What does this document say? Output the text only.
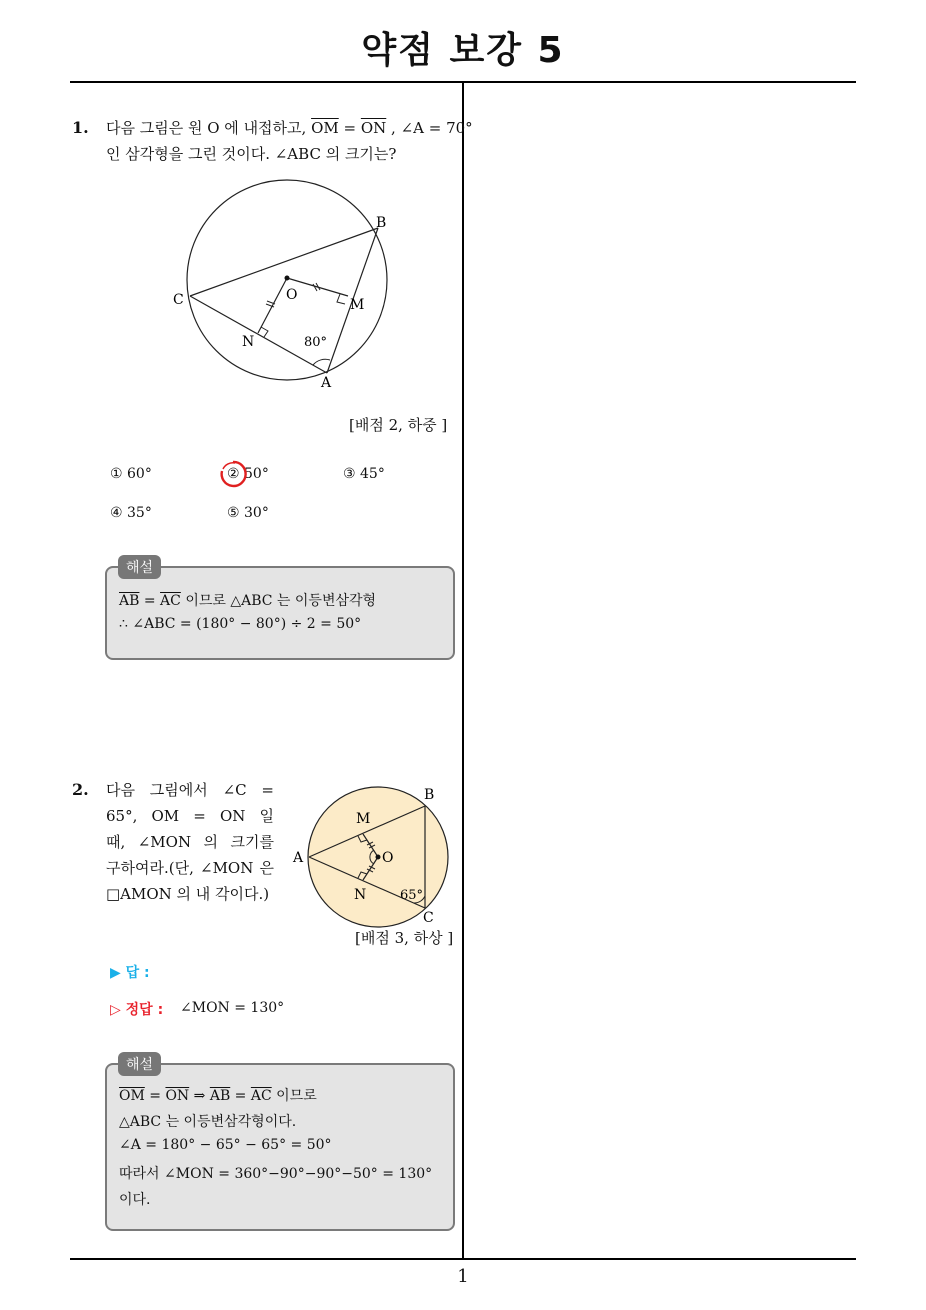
약점 보강 5
1. 다음 그림은 원 O 에 내접하고, $\overline{OM} = \overline{ON}$ , ∠A = 70°
인 삼각형을 그린 것이다. ∠ABC 의 크기는?
B
C	O
M
N	80°
A
[배점 2, 하중 ]
① 60°	② 50°	③ 45°
④ 35°	⑤ 30°
$\overline{AB} = \overline{AC}$ 이므로 △ABC 는 이등변삼각형
∴ ∠ABC = (180° − 80°) ÷ 2 = 50°
해설
2. 다음 그림에서 ∠C =
65°, OM = ON 일
때, ∠MON 의 크기를
구하여라.(단, ∠MON 은
□AMON 의 내 각이다.)
B
M
A	O
N	65°
C
[배점 3, 하상 ]
▶ 답 :
▷ 정답 : ∠MON = 130°
$\overline{OM} = \overline{ON}$ ⇒ $\overline{AB} = \overline{AC}$ 이므로
△ABC 는 이등변삼각형이다.
∠A = 180° − 65° − 65° = 50°
따라서 ∠MON = 360°−90°−90°−50° = 130°
이다.
해설
1
